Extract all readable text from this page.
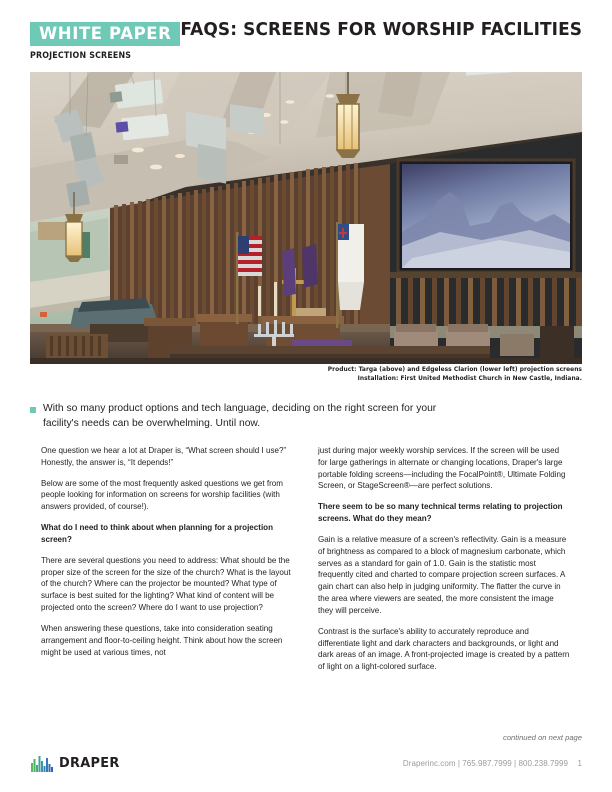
WHITE PAPER
PROJECTION SCREENS
FAQS: SCREENS FOR WORSHIP FACILITIES
Product: Targa (above) and Edgeless Clarion (lower left) projection screens
Installation: First United Methodist Church in New Castle, Indiana.
With so many product options and tech language, deciding on the right screen for your facility's needs can be overwhelming. Until now.

One question we hear a lot at Draper is, “What screen should I use?” Honestly, the answer is, “It depends!”

Below are some of the most frequently asked questions we get from people looking for information on screens for worship facilities (with answers provided, of course!).

What do I need to think about when planning for a projection screen?

There are several questions you need to address: What should be the proper size of the screen for the size of the church? What is the layout of the church? Where can the projector be mounted? What type of surface is best suited for the lighting? What kind of content will be projected onto the screen? Where do I want to use projection?

When answering these questions, take into consideration seating arrangement and floor-to-ceiling height. Think about how the screen might be used at various times, not

just during major weekly worship services. If the screen will be used for large gatherings in alternate or changing locations, Draper's large portable folding screens—including the FocalPoint®, Ultimate Folding Screen, or StageScreen®—are perfect solutions.

There seem to be so many technical terms relating to projection screens. What do they mean?

Gain is a relative measure of a screen's reflectivity. Gain is a measure of brightness as compared to a block of magnesium carbonate, which serves as a standard for gain of 1.0. Gain is the statistic most frequently cited and charted to compare projection screen surfaces. A gain chart can also help in judging uniformity. The flatter the curve in the area where viewers are seated, the more consistent the image they will perceive.

Contrast is the surface's ability to accurately reproduce and differentiate light and dark characters and backgrounds, or light and dark areas of an image. A front-projected image is created by a pattern of light on a light-colored surface.

continued on next page
DRAPER	Draperinc.com | 765.987.7999 | 800.238.7999 1
